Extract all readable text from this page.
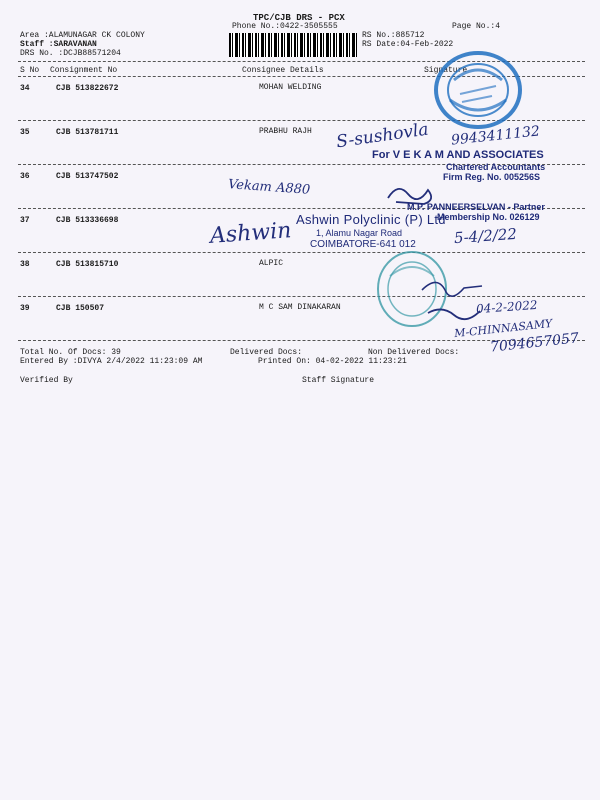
TPC/CJB DRS - PCX
Phone No.:0422-3505555	Page No.:4
Area :ALAMUNAGAR CK COLONY
Staff :SARAVANAN
DRS No. :DCJB88571204
RS No.:885712
RS Date:04-Feb-2022
S No Consignment No	Consignee Details	Signature
34	CJB 513822672	MOHAN WELDING
35	CJB 513781711	PRABHU RAJH
36	CJB 513747502
37	CJB 513336698
38	CJB 513815710	ALPIC
39	CJB 150507	M C SAM DINAKARAN
Total No. Of Docs: 39	Delivered Docs:	Non Delivered Docs:
Entered By :DIVYA 2/4/2022 11:23:09 AM	Printed On: 04-02-2022 11:23:21
Verified By	Staff Signature
S-sushovla 9943411132
For V E K A M AND ASSOCIATES
Chartered Accountants
Firm Reg. No. 005256S
Vekam A880
M.P. PANNEERSELVAN - Partner
Membership No. 026129
Ashwin Polyclinic (P) Ltd
1, Alamu Nagar Road
COIMBATORE-641 012
Ashwin	5-4/2/22
04-2-2022
M-CHINNASAMY
7094657057
